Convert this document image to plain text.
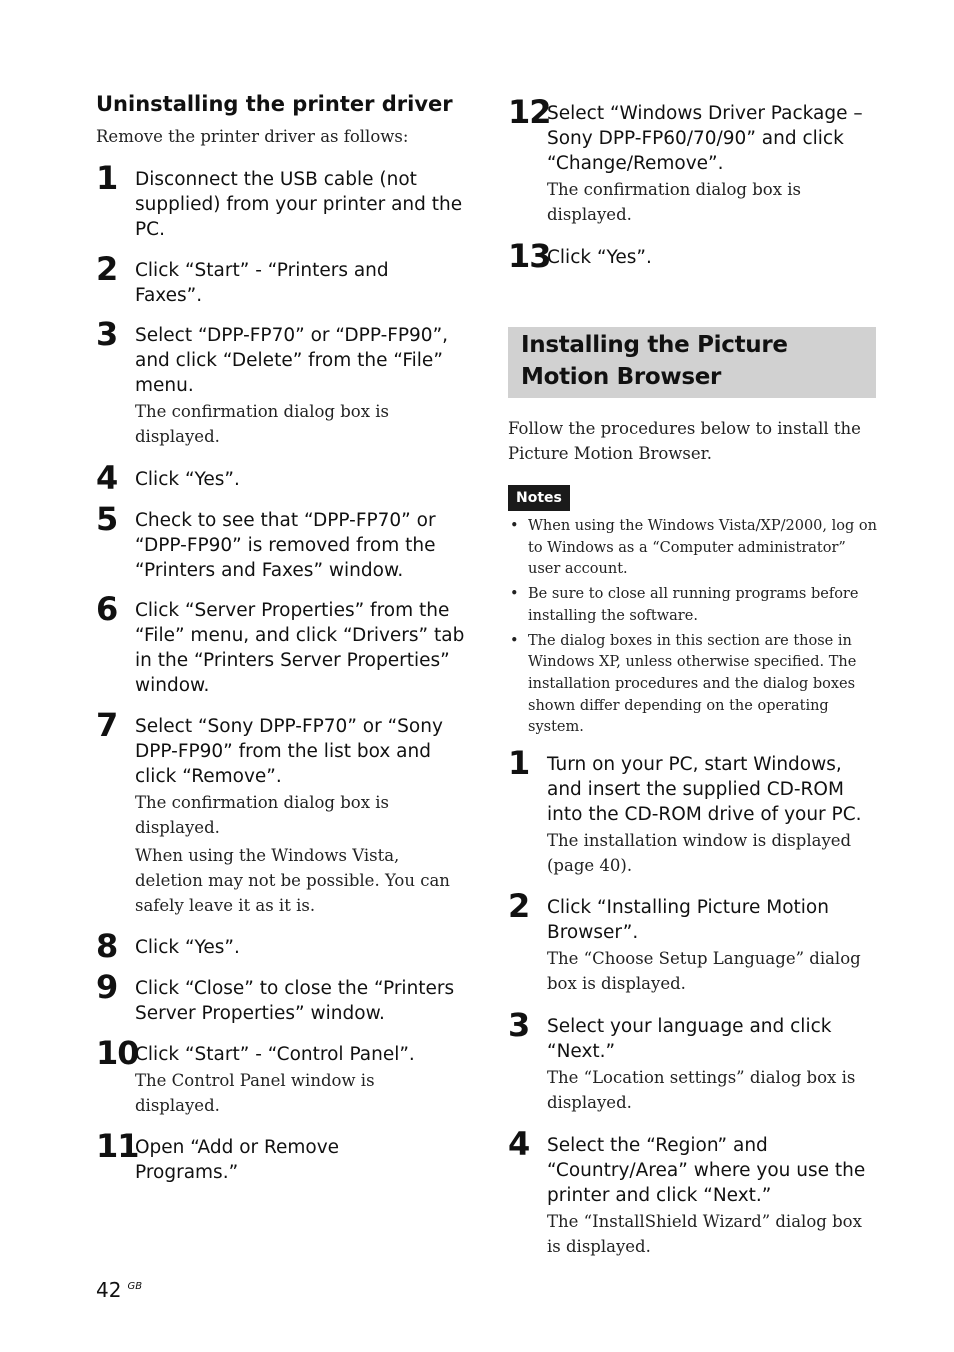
Uninstalling the printer driver
Remove the printer driver as follows:
1 Disconnect the USB cable (not supplied) from your printer and the PC.

2 Click “Start” - “Printers and Faxes”.

3 Select “DPP-FP70” or “DPP-FP90”, and click “Delete” from the “File” menu.

The confirmation dialog box is displayed.

4 Click “Yes”.

5 Check to see that “DPP-FP70” or “DPP-FP90” is removed from the “Printers and Faxes” window.

6 Click “Server Properties” from the “File” menu, and click “Drivers” tab in the “Printers Server Properties” window.

7 Select “Sony DPP-FP70” or “Sony DPP-FP90” from the list box and click “Remove”.

The confirmation dialog box is displayed.

When using the Windows Vista, deletion may not be possible. You can safely leave it as it is.

8 Click “Yes”.

9 Click “Close” to close the “Printers Server Properties” window.

10

Click “Start” - “Control Panel”.

The Control Panel window is displayed.

11

Open “Add or Remove Programs.”

12

Select “Windows Driver Package – Sony DPP-FP60/70/90” and click “Change/Remove”.

The confirmation dialog box is displayed.

13

Click “Yes”.

Installing the Picture Motion Browser
Follow the procedures below to install the Picture Motion Browser.
Notes
• When using the Windows Vista/XP/2000, log on to Windows as a “Computer administrator” user account.
• Be sure to close all running programs before installing the software.
• The dialog boxes in this section are those in Windows XP, unless otherwise specified. The installation procedures and the dialog boxes shown differ depending on the operating system.
1 Turn on your PC, start Windows, and insert the supplied CD-ROM into the CD-ROM drive of your PC.

The installation window is displayed (page 40).

2 Click “Installing Picture Motion Browser”.

The “Choose Setup Language” dialog box is displayed.

3 Select your language and click “Next.”

The “Location settings” dialog box is displayed.

4 Select the “Region” and “Country/Area” where you use the printer and click “Next.”

The “InstallShield Wizard” dialog box is displayed.

42 $^{GB}$
